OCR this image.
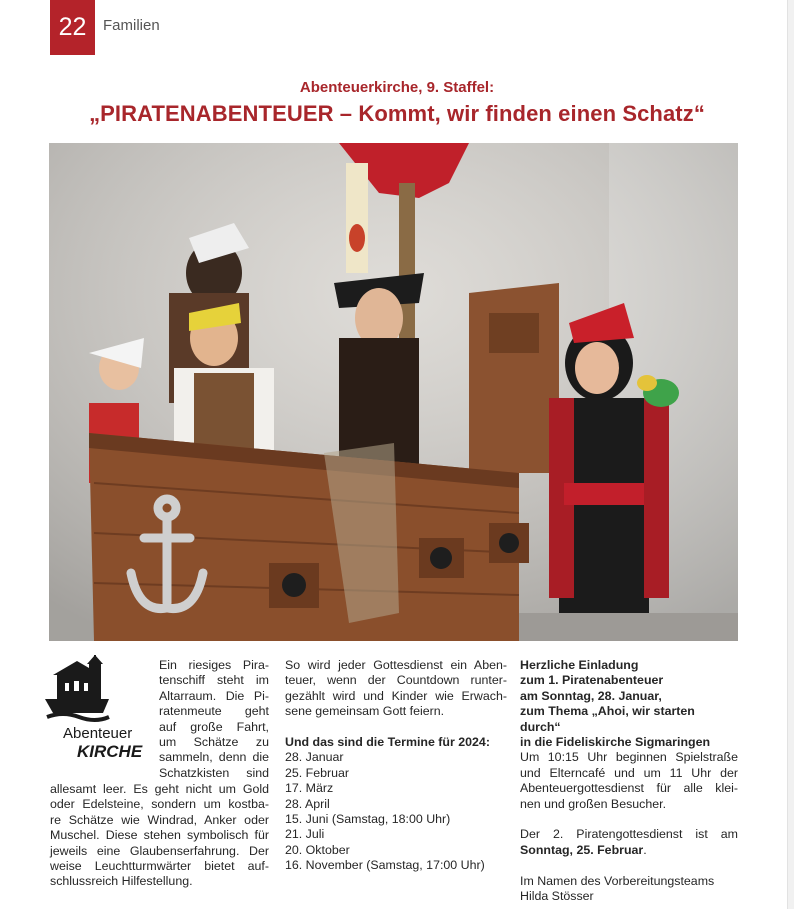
22 Familien
Abenteuerkirche, 9. Staffel:
„PIRATENABENTEUER – Kommt, wir finden einen Schatz“
Abenteuer
KIRCHE
Ein riesiges Pira-
tenschiff steht im
Altarraum. Die Pi-
ratenmeute geht
auf große Fahrt,
um Schätze zu
sammeln, denn die
Schatzkisten sind
allesamt leer. Es geht nicht um Gold
oder Edelsteine, sondern um kostba-
re Schätze wie Windrad, Anker oder
Muschel. Diese stehen symbolisch für
jeweils eine Glaubenserfahrung. Der
weise Leuchtturmwärter bietet auf-
schlussreich Hilfestellung.
So wird jeder Gottesdienst ein Aben-
teuer, wenn der Countdown runter-
gezählt wird und Kinder wie Erwach-
sene gemeinsam Gott feiern.
Und das sind die Termine für 2024:
28. Januar
25. Februar
17. März
28. April
15. Juni (Samstag, 18:00 Uhr)
21. Juli
20. Oktober
16. November (Samstag, 17:00 Uhr)
Herzliche Einladung
zum 1. Piratenabenteuer
am Sonntag, 28. Januar,
zum Thema „Ahoi, wir starten durch“
in die Fideliskirche Sigmaringen
Um 10:15 Uhr beginnen Spielstraße
und Elterncafé und um 11 Uhr der
Abenteuergottesdienst für alle klei-
nen und großen Besucher.
Der 2. Piratengottesdienst ist am
Sonntag, 25. Februar.
Im Namen des Vorbereitungsteams
Hilda Stösser
